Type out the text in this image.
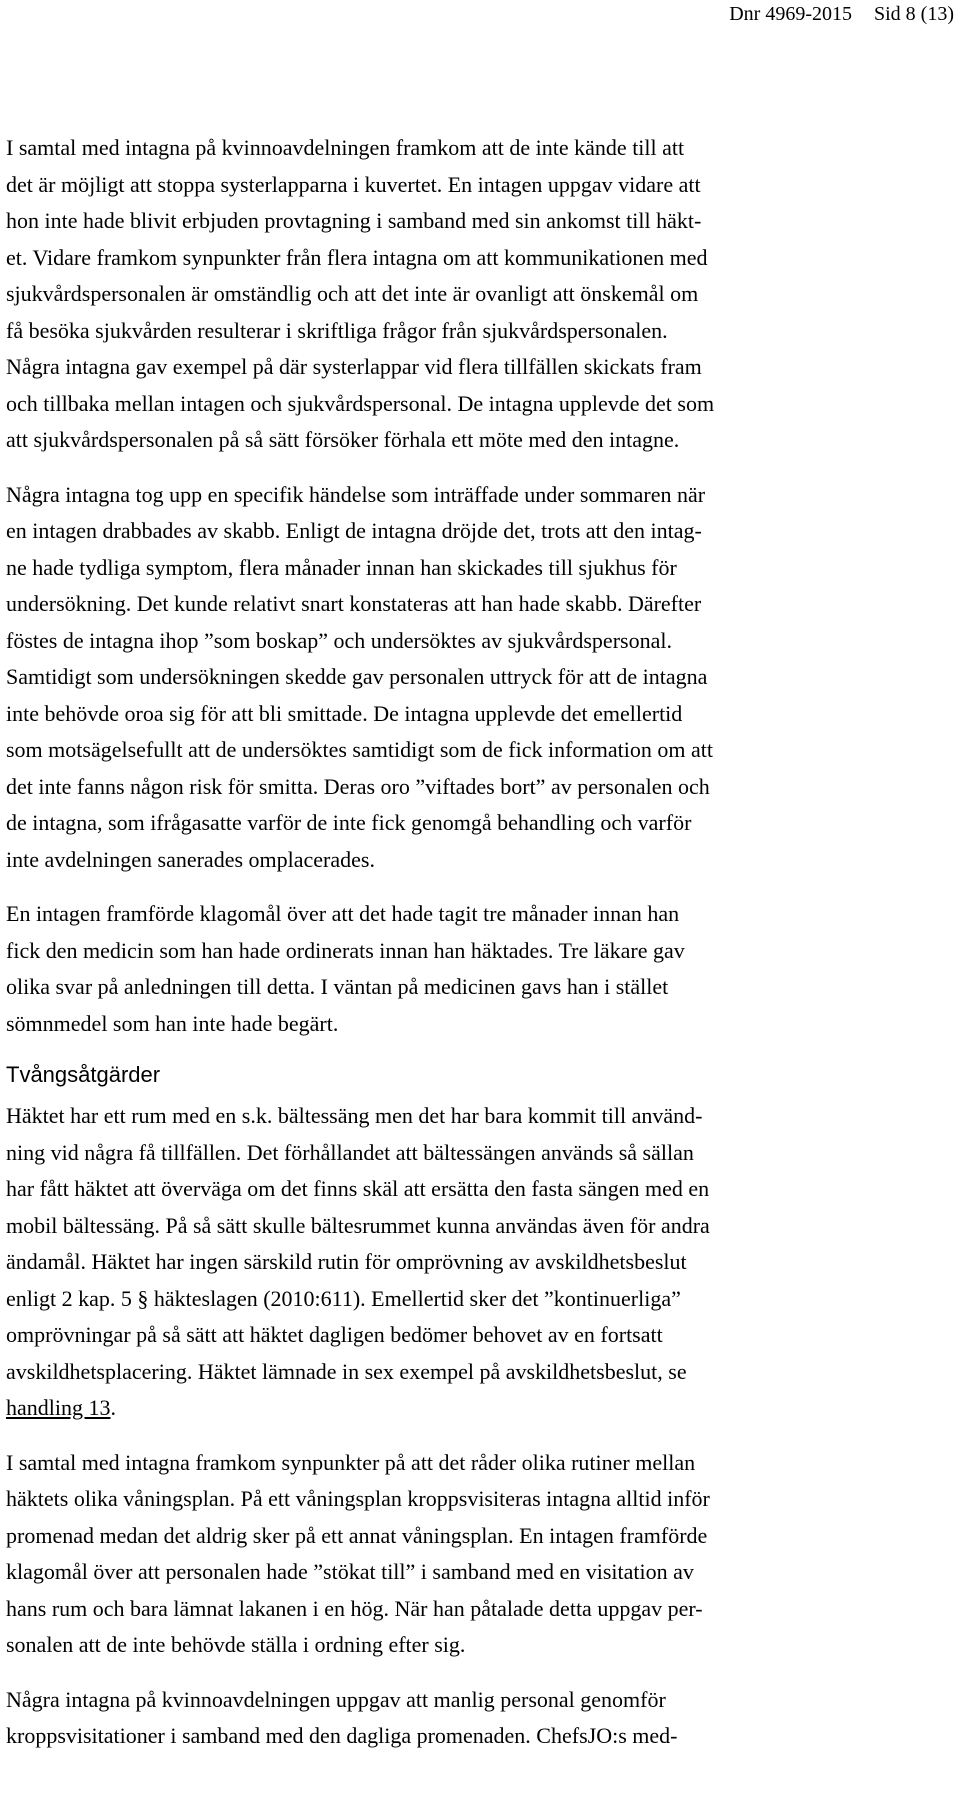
Dnr 4969-2015 Sid 8 (13)

I samtal med intagna på kvinnoavdelningen framkom att de inte kände till att
det är möjligt att stoppa systerlapparna i kuvertet. En intagen uppgav vidare att
hon inte hade blivit erbjuden provtagning i samband med sin ankomst till häkt-
et. Vidare framkom synpunkter från flera intagna om att kommunikationen med
sjukvårdspersonalen är omständlig och att det inte är ovanligt att önskemål om
få besöka sjukvården resulterar i skriftliga frågor från sjukvårdspersonalen.
Några intagna gav exempel på där systerlappar vid flera tillfällen skickats fram
och tillbaka mellan intagen och sjukvårdspersonal. De intagna upplevde det som
att sjukvårdspersonalen på så sätt försöker förhala ett möte med den intagne.

Några intagna tog upp en specifik händelse som inträffade under sommaren när
en intagen drabbades av skabb. Enligt de intagna dröjde det, trots att den intag-
ne hade tydliga symptom, flera månader innan han skickades till sjukhus för
undersökning. Det kunde relativt snart konstateras att han hade skabb. Därefter
föstes de intagna ihop ”som boskap” och undersöktes av sjukvårdspersonal.
Samtidigt som undersökningen skedde gav personalen uttryck för att de intagna
inte behövde oroa sig för att bli smittade. De intagna upplevde det emellertid
som motsägelsefullt att de undersöktes samtidigt som de fick information om att
det inte fanns någon risk för smitta. Deras oro ”viftades bort” av personalen och
de intagna, som ifrågasatte varför de inte fick genomgå behandling och varför
inte avdelningen sanerades omplacerades.

En intagen framförde klagomål över att det hade tagit tre månader innan han
fick den medicin som han hade ordinerats innan han häktades. Tre läkare gav
olika svar på anledningen till detta. I väntan på medicinen gavs han i stället
sömnmedel som han inte hade begärt.

Tvångsåtgärder

Häktet har ett rum med en s.k. bältessäng men det har bara kommit till använd-
ning vid några få tillfällen. Det förhållandet att bältessängen används så sällan
har fått häktet att överväga om det finns skäl att ersätta den fasta sängen med en
mobil bältessäng. På så sätt skulle bältesrummet kunna användas även för andra
ändamål. Häktet har ingen särskild rutin för omprövning av avskildhetsbeslut
enligt 2 kap. 5 § häkteslagen (2010:611). Emellertid sker det ”kontinuerliga”
omprövningar på så sätt att häktet dagligen bedömer behovet av en fortsatt
avskildhetsplacering. Häktet lämnade in sex exempel på avskildhetsbeslut, se
handling 13.

I samtal med intagna framkom synpunkter på att det råder olika rutiner mellan
häktets olika våningsplan. På ett våningsplan kroppsvisiteras intagna alltid inför
promenad medan det aldrig sker på ett annat våningsplan. En intagen framförde
klagomål över att personalen hade ”stökat till” i samband med en visitation av
hans rum och bara lämnat lakanen i en hög. När han påtalade detta uppgav per-
sonalen att de inte behövde ställa i ordning efter sig.

Några intagna på kvinnoavdelningen uppgav att manlig personal genomför
kroppsvisitationer i samband med den dagliga promenaden. ChefsJO:s med-
